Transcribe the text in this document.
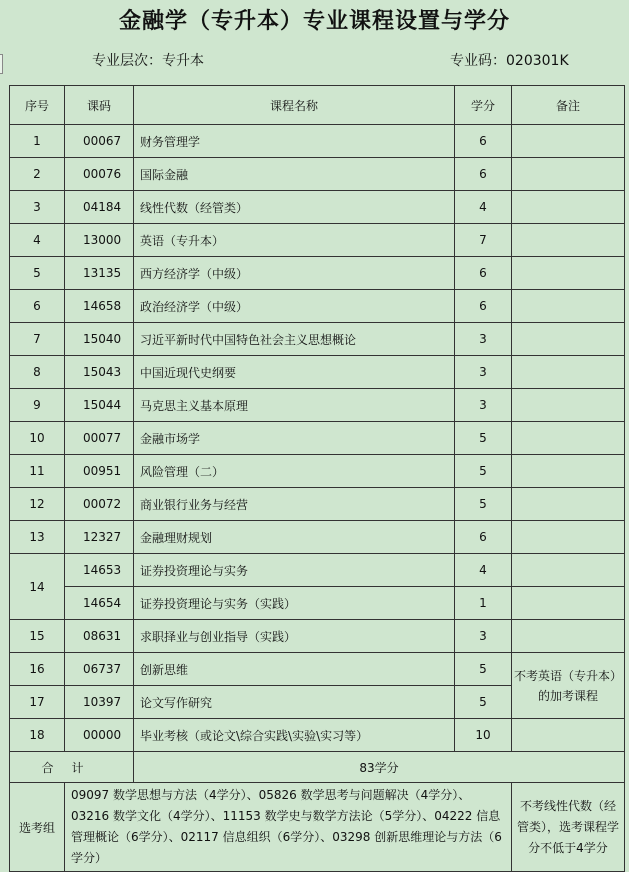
金融学（专升本）专业课程设置与学分
专业层次：专升本	专业码：020301K
序号	课码	课程名称	学分	备注
1	00067	财务管理学	6	
2	00076	国际金融	6	
3	04184	线性代数（经管类）	4	
4	13000	英语（专升本）	7	
5	13135	西方经济学（中级）	6	
6	14658	政治经济学（中级）	6	
7	15040	习近平新时代中国特色社会主义思想概论	3	
8	15043	中国近现代史纲要	3	
9	15044	马克思主义基本原理	3	
10	00077	金融市场学	5	
11	00951	风险管理（二）	5	
12	00072	商业银行业务与经营	5	
13	12327	金融理财规划	6	
14	14653	证券投资理论与实务	4	
	14654	证券投资理论与实务（实践）	1	
15	08631	求职择业与创业指导（实践）	3	
16	06737	创新思维	5	不考英语（专升本）的加考课程
17	10397	论文写作研究	5	
18	00000	毕业考核（或论文\综合实践\实验\实习等）	10	
合计		83学分		
选考组	09097 数学思想与方法（4学分）、05826 数学思考与问题解决（4学分）、03216 数学文化（4学分）、11153 数学史与数学方法论（5学分）、04222 信息管理概论（6学分）、02117 信息组织（6学分）、03298 创新思维理论与方法（6学分）			不考线性代数（经管类），选考课程学分不低于4学分
